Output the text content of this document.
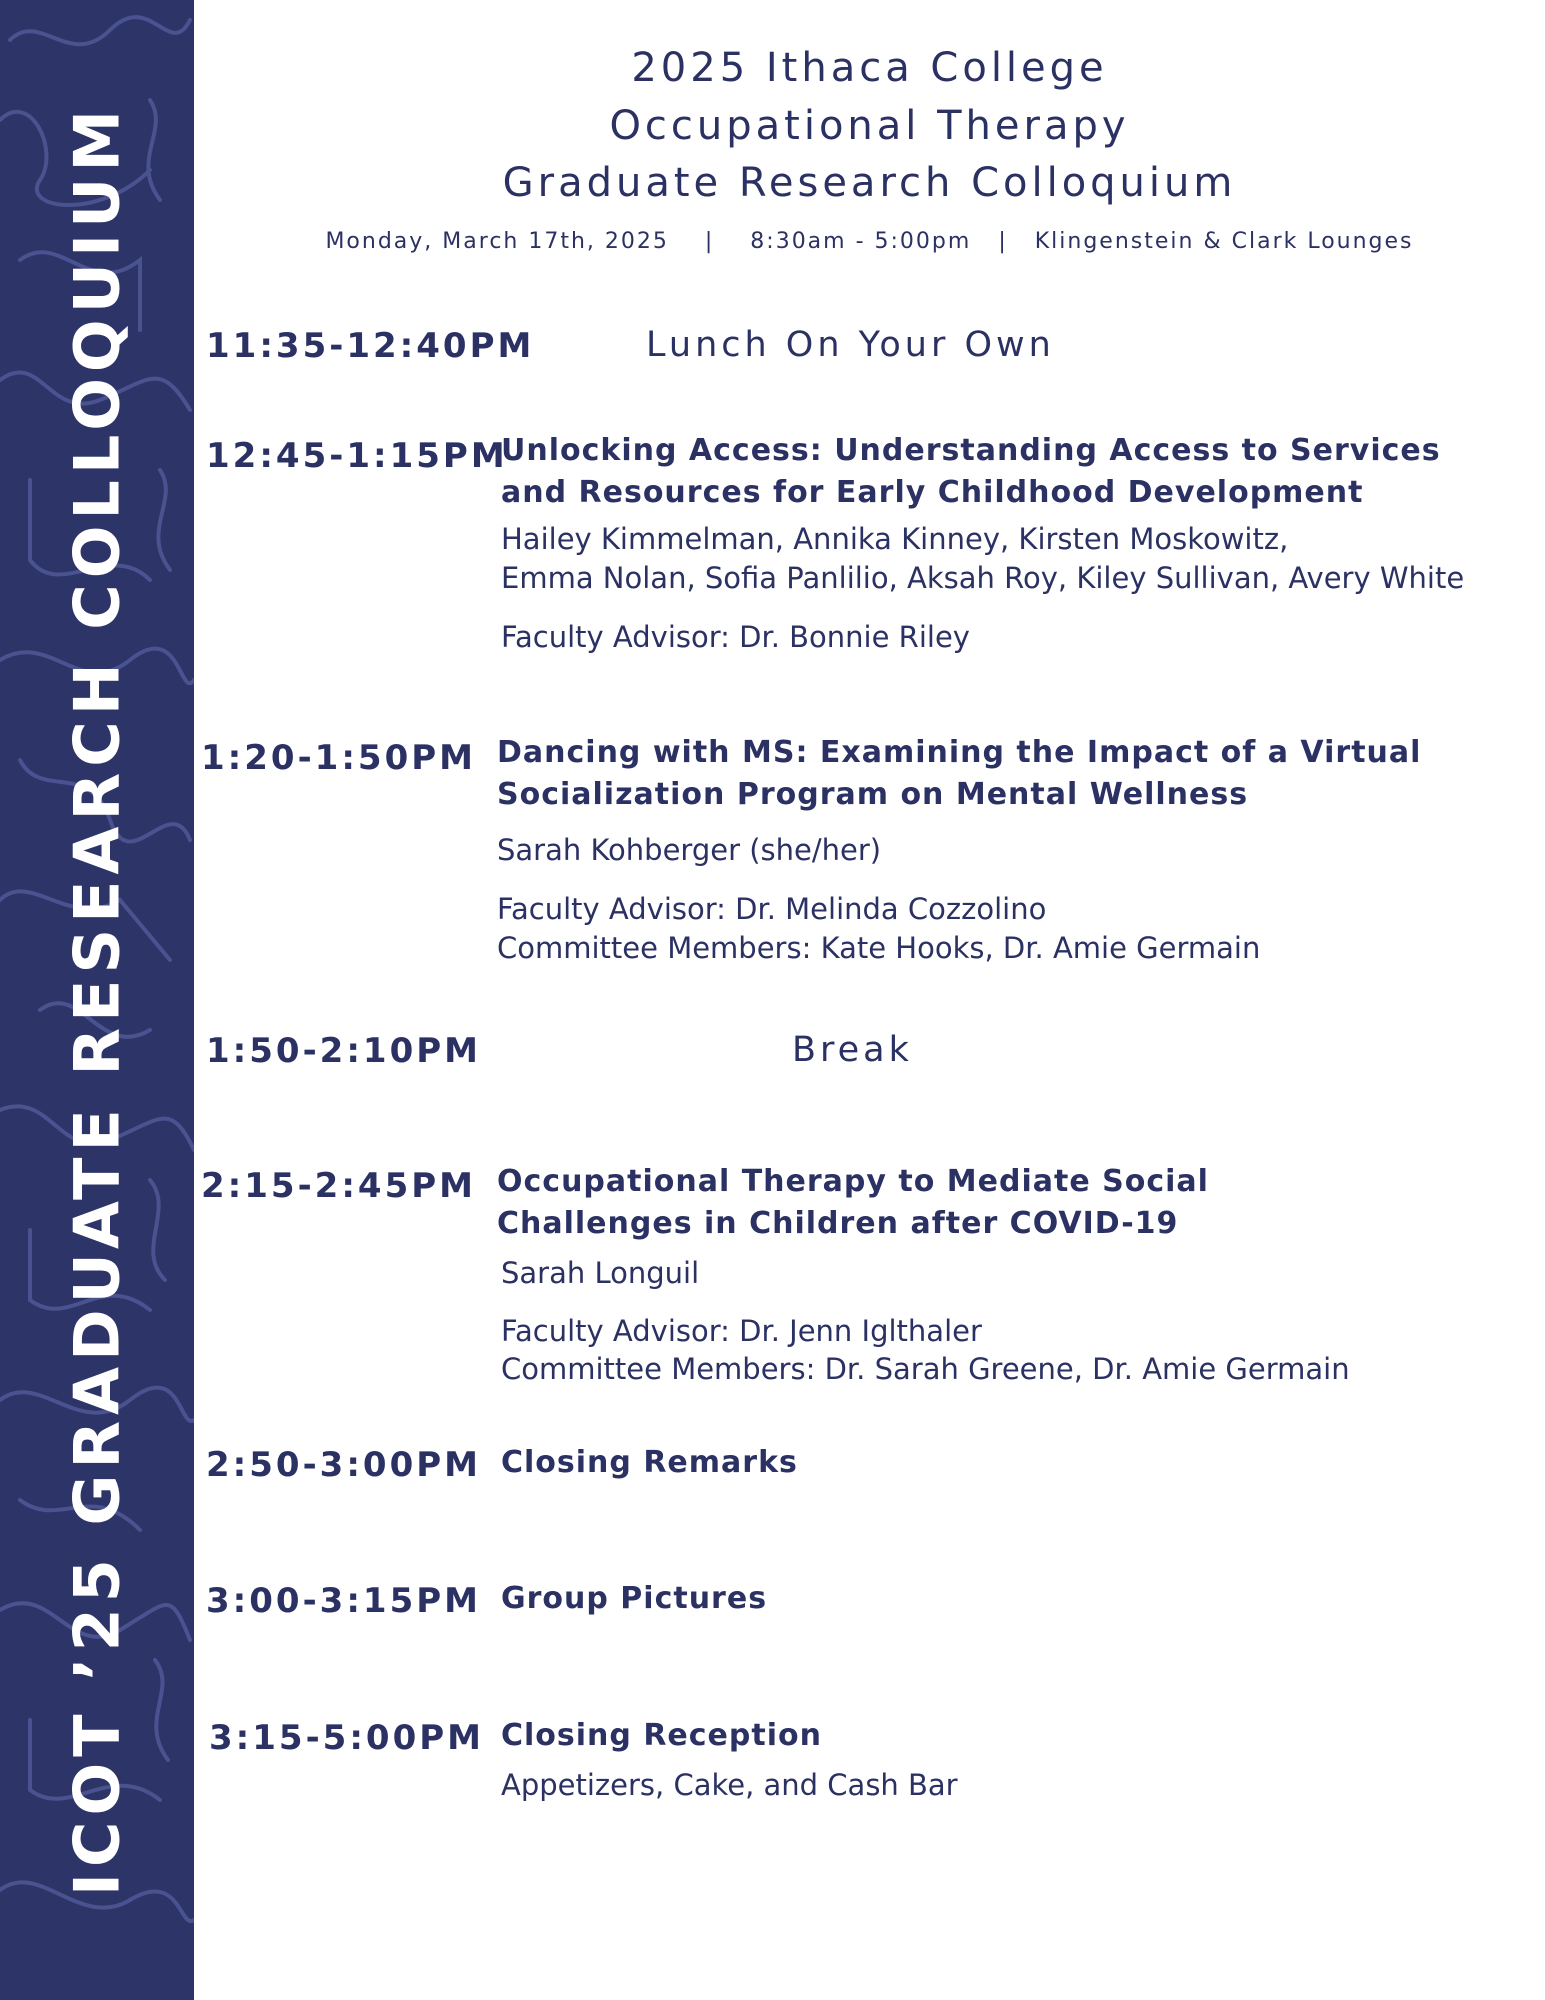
ICOT ’25 GRADUATE RESEARCH COLLOQUIUM
2025 Ithaca College
Occupational Therapy
Graduate Research Colloquium
Monday, March 17th, 2025 | 8:30am - 5:00pm | Klingenstein & Clark Lounges
11:35-12:40PM	Lunch On Your Own
12:45-1:15PM
Unlocking Access: Understanding Access to Services
and Resources for Early Childhood Development
Hailey Kimmelman, Annika Kinney, Kirsten Moskowitz,
Emma Nolan, Sofia Panlilio, Aksah Roy, Kiley Sullivan, Avery White
Faculty Advisor: Dr. Bonnie Riley
1:20-1:50PM Dancing with MS: Examining the Impact of a Virtual
Socialization Program on Mental Wellness
Sarah Kohberger (she/her)
Faculty Advisor: Dr. Melinda Cozzolino
Committee Members: Kate Hooks, Dr. Amie Germain
1:50-2:10PM	Break
2:15-2:45PM Occupational Therapy to Mediate Social
Challenges in Children after COVID-19
Sarah Longuil
Faculty Advisor: Dr. Jenn Iglthaler
Committee Members: Dr. Sarah Greene, Dr. Amie Germain
2:50-3:00PM Closing Remarks
3:00-3:15PM Group Pictures
3:15-5:00PM Closing Reception
Appetizers, Cake, and Cash Bar
